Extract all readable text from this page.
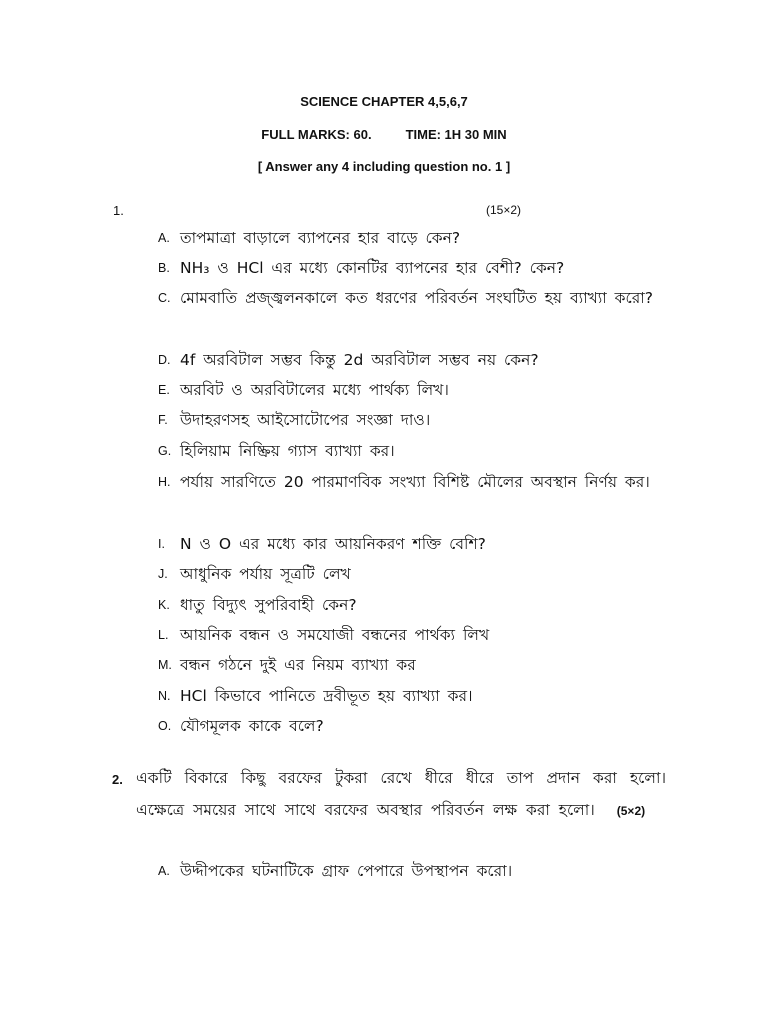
SCIENCE CHAPTER 4,5,6,7
FULL MARKS: 60.	TIME: 1H 30 MIN
[ Answer any 4 including question no. 1 ]
1.	(15×2)
A. তাপমাত্রা বাড়ালে ব্যাপনের হার বাড়ে কেন?
B. NH₃ ও HCl এর মধ্যে কোনটির ব্যাপনের হার বেশী? কেন?
C. মোমবাতি প্রজ্জ্বলনকালে কত ধরণের পরিবর্তন সংঘটিত হয় ব্যাখ্যা করো?
D. 4f অরবিটাল সম্ভব কিন্তু 2d অরবিটাল সম্ভব নয় কেন?
E. অরবিট ও অরবিটালের মধ্যে পার্থক্য লিখ।
F. উদাহরণসহ আইসোটোপের সংজ্ঞা দাও।
G. হিলিয়াম নিষ্ক্রিয় গ্যাস ব্যাখ্যা কর।
H. পর্যায় সারণিতে 20 পারমাণবিক সংখ্যা বিশিষ্ট মৌলের অবস্থান নির্ণয় কর।
I. N ও O এর মধ্যে কার আয়নিকরণ শক্তি বেশি?
J. আধুনিক পর্যায় সূত্রটি লেখ
K. ধাতু বিদ্যুৎ সুপরিবাহী কেন?
L. আয়নিক বন্ধন ও সমযোজী বন্ধনের পার্থক্য লিখ
M. বন্ধন গঠনে দুই এর নিয়ম ব্যাখ্যা কর
N. HCl কিভাবে পানিতে দ্রবীভূত হয় ব্যাখ্যা কর।
O. যৌগমূলক কাকে বলে?
2. একটি বিকারে কিছু বরফের টুকরা রেখে ধীরে ধীরে তাপ প্রদান করা হলো। এক্ষেত্রে সময়ের সাথে সাথে বরফের অবস্থার পরিবর্তন লক্ষ করা হলো। (5×2)
A. উদ্দীপকের ঘটনাটিকে গ্রাফ পেপারে উপস্থাপন করো।
